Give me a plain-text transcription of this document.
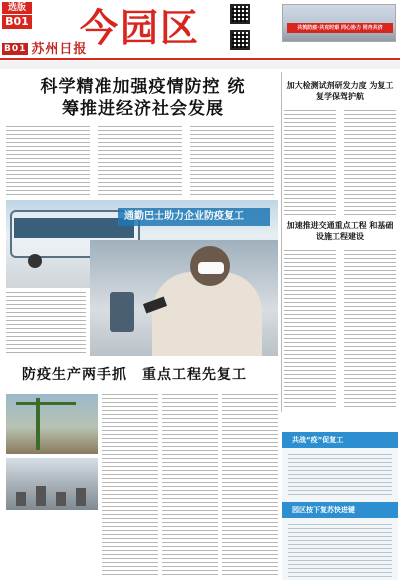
选版
B01
B01 苏州日报
今园区	共筑防疫·共克时艰 同心协力 同舟共济
科学精准加强疫情防控 统筹推进经济社会发展
通勤巴士助力企业防疫复工
加大检测试剂研发力度 为复工复学保驾护航
加速推进交通重点工程 和基础设施工程建设
防疫生产两手抓　重点工程先复工
共战“疫”促复工
园区按下复苏快进键
